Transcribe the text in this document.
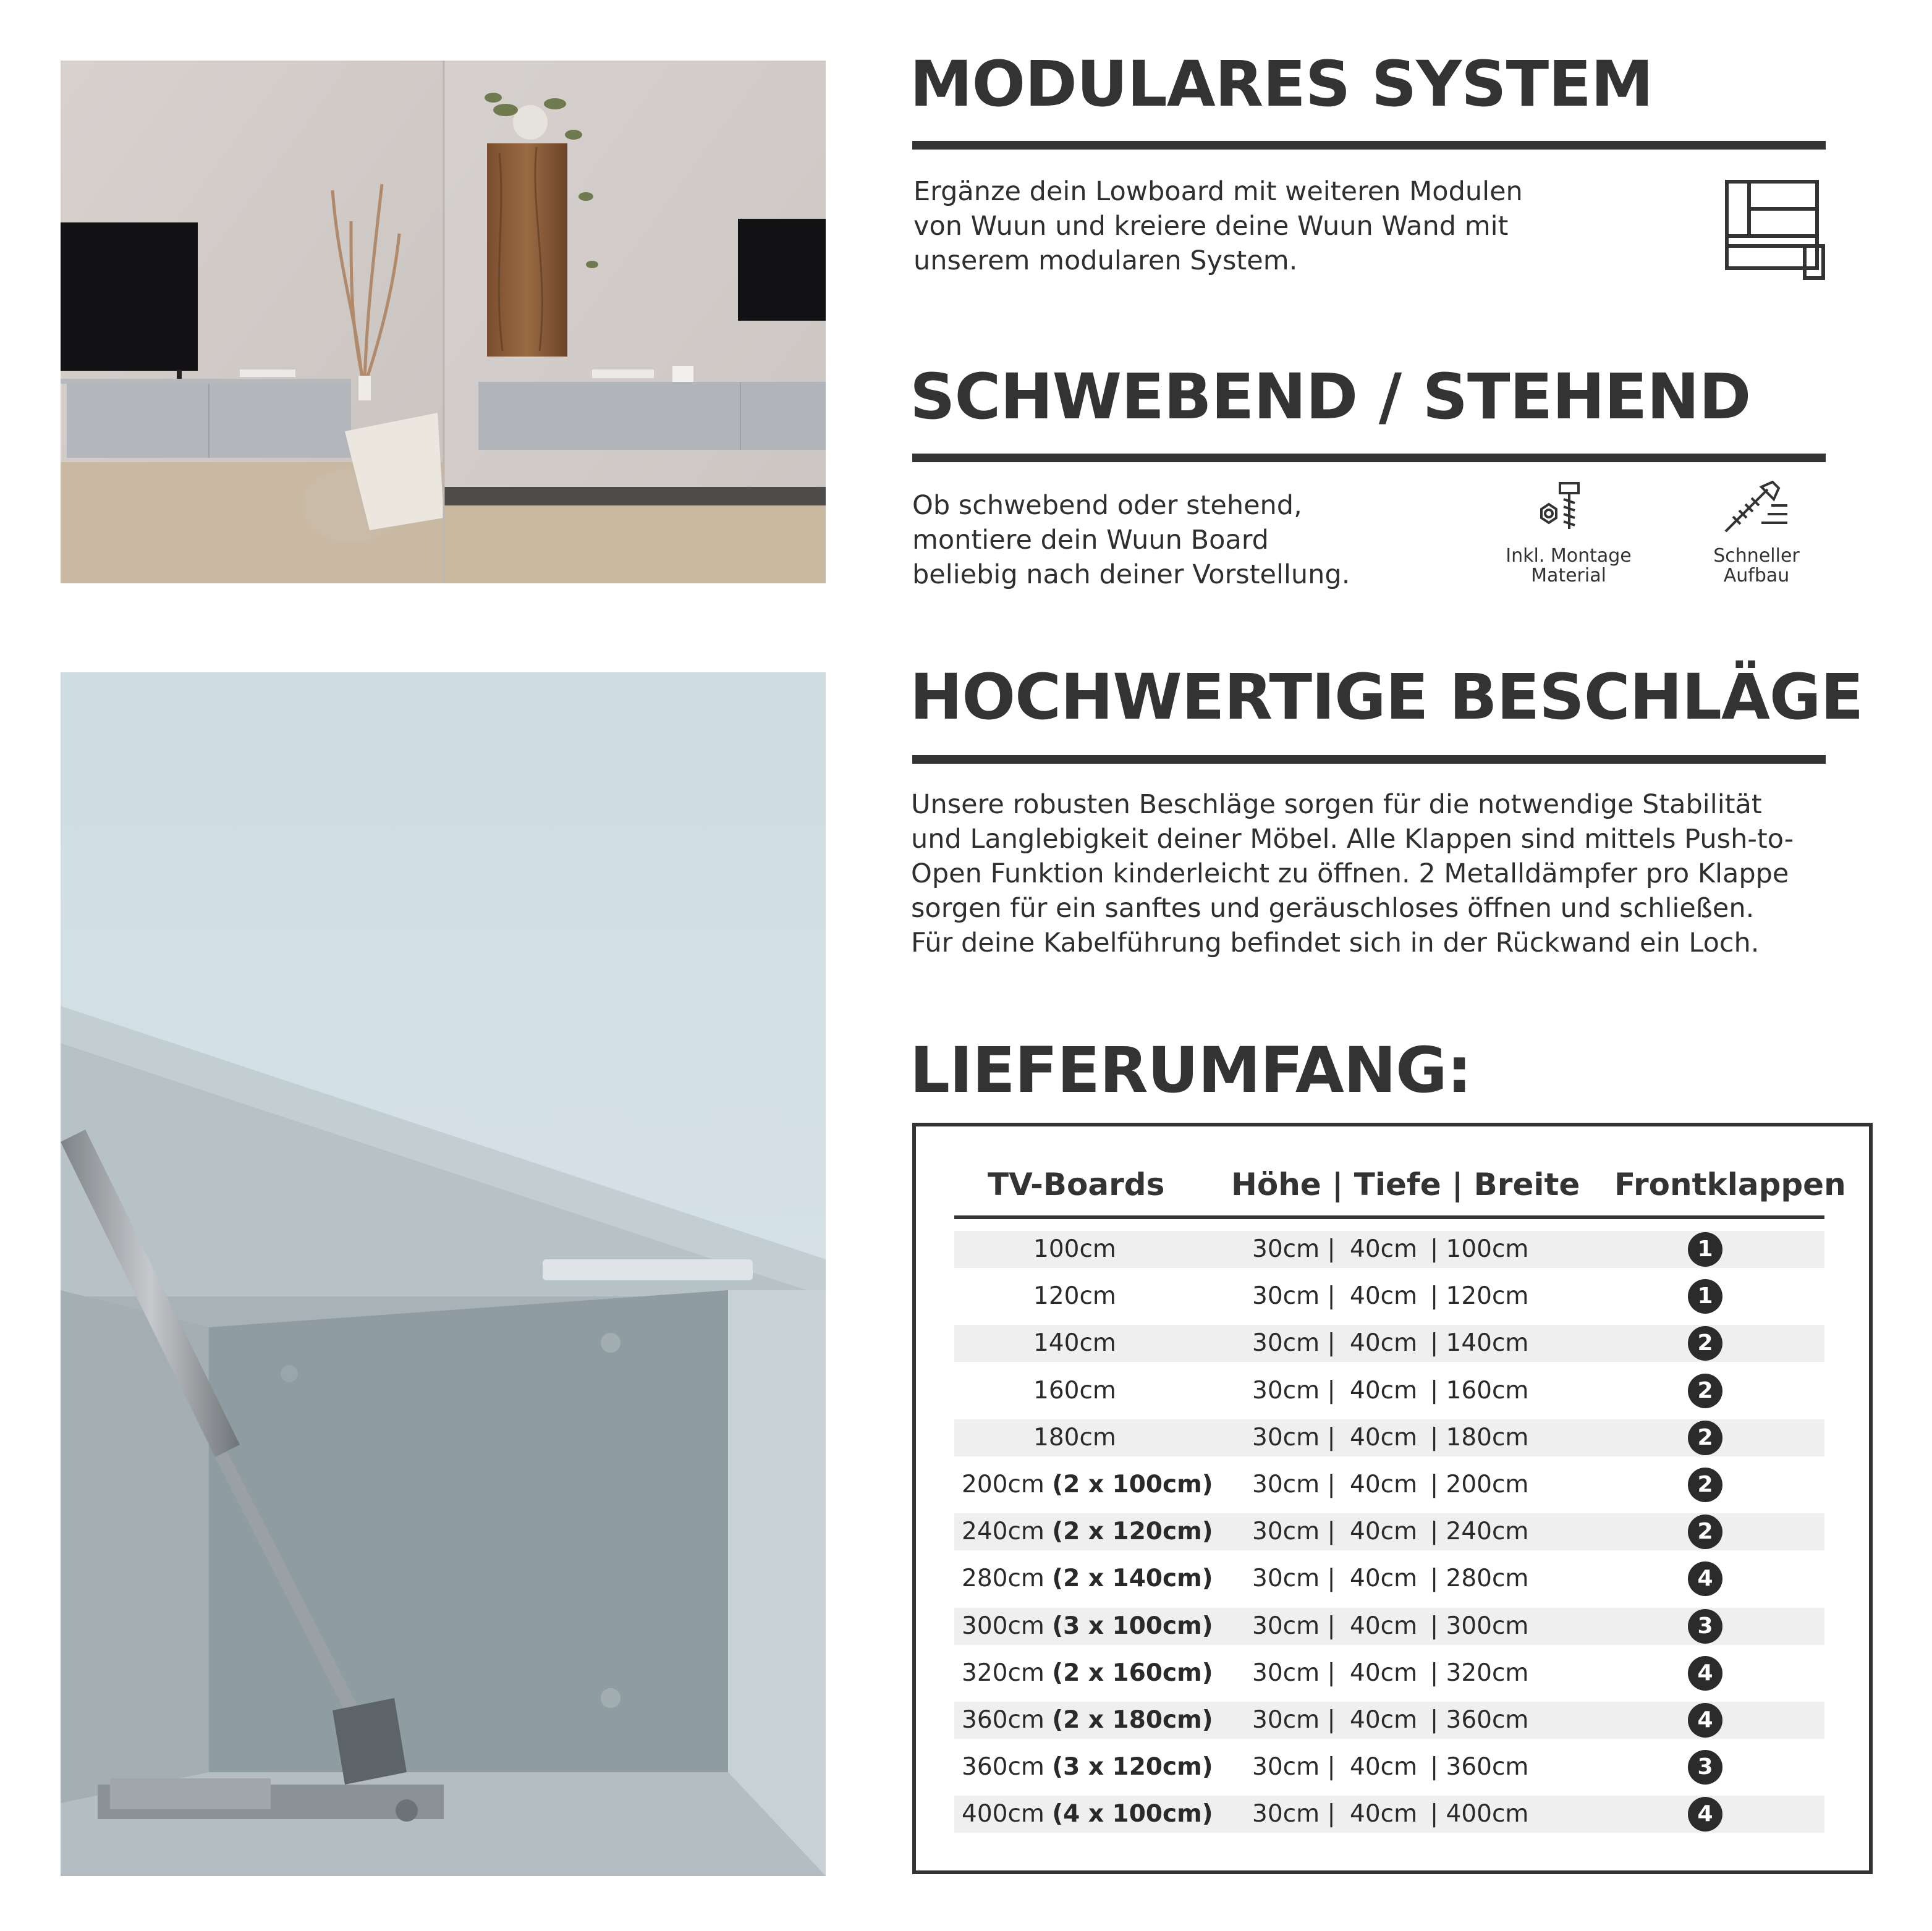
MODULARES SYSTEM
Ergänze dein Lowboard mit weiteren Modulen
von Wuun und kreiere deine Wuun Wand mit
unserem modularen System.
SCHWEBEND / STEHEND
Ob schwebend oder stehend,
montiere dein Wuun Board
beliebig nach deiner Vorstellung.
Inkl. Montage
Material
Schneller
Aufbau
HOCHWERTIGE BESCHLÄGE
Unsere robusten Beschläge sorgen für die notwendige Stabilität
und Langlebigkeit deiner Möbel. Alle Klappen sind mittels Push-to-
Open Funktion kinderleicht zu öffnen. 2 Metalldämpfer pro Klappe
sorgen für ein sanftes und geräuschloses öffnen und schließen.
Für deine Kabelführung befindet sich in der Rückwand ein Loch.
LIEFERUMFANG:
TV-Boards Höhe | Tiefe | Breite Frontklappen
100cm	30cm | 40cm | 100cm	1
120cm	30cm | 40cm | 120cm	1
140cm	30cm | 40cm | 140cm	2
160cm	30cm | 40cm | 160cm	2
180cm	30cm | 40cm | 180cm	2
200cm (2 x 100cm) 30cm | 40cm | 200cm	2
240cm (2 x 120cm) 30cm | 40cm | 240cm	2
280cm (2 x 140cm) 30cm | 40cm | 280cm	4
300cm (3 x 100cm) 30cm | 40cm | 300cm	3
320cm (2 x 160cm) 30cm | 40cm | 320cm	4
360cm (2 x 180cm) 30cm | 40cm | 360cm	4
360cm (3 x 120cm) 30cm | 40cm | 360cm	3
400cm (4 x 100cm) 30cm | 40cm | 400cm	4
